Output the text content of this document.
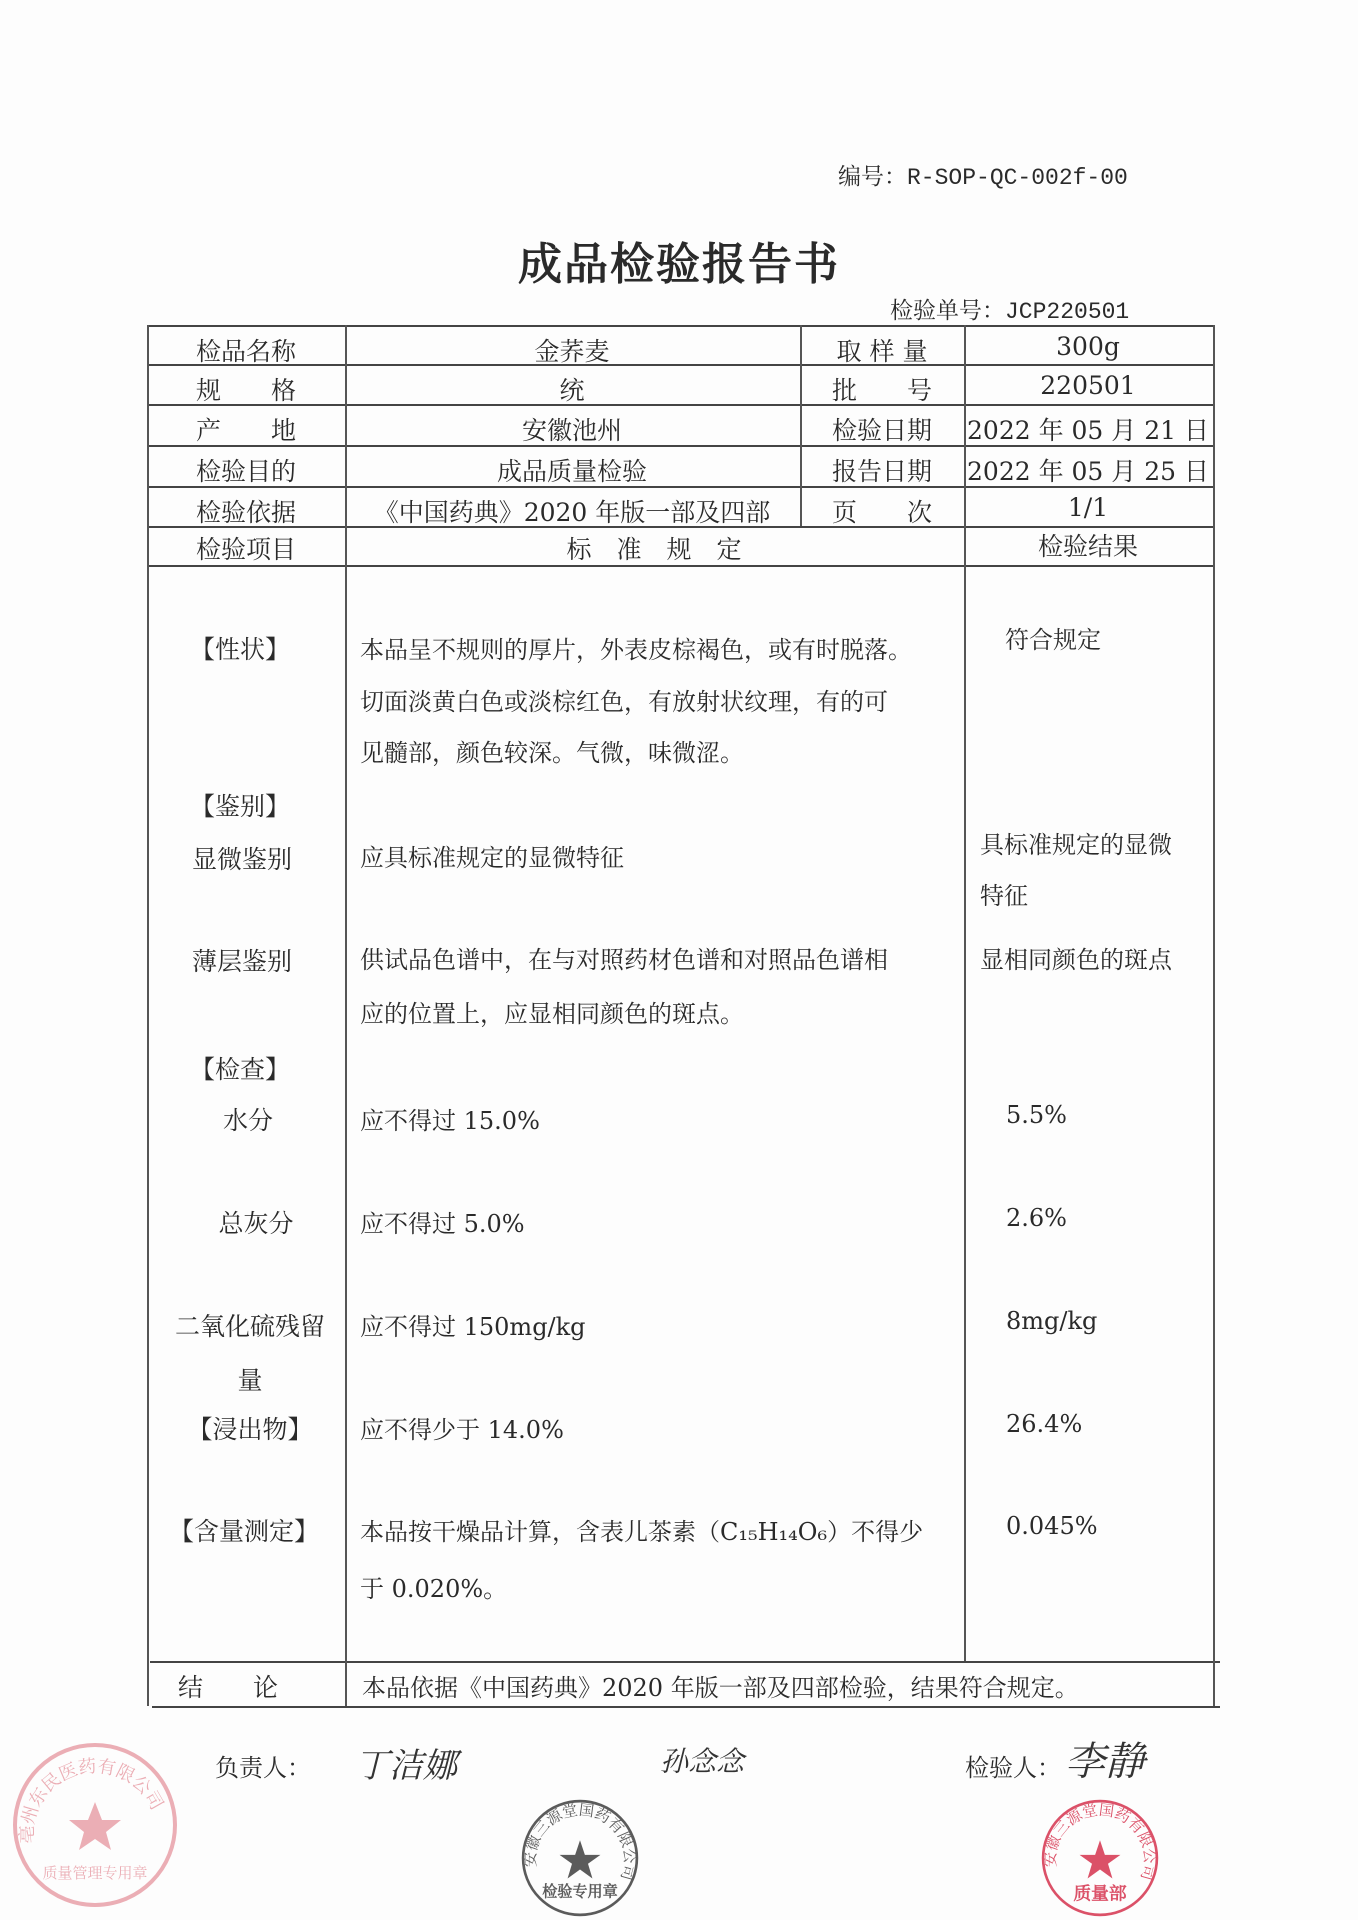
编号：R-SOP-QC-002f-00
成品检验报告书
检验单号：JCP220501
检品名称	金荞麦	取 样 量	300g
规　　格	统	批　　号	220501
产　　地	安徽池州	检验日期 2022 年 05 月 21 日
检验目的	成品质量检验	报告日期 2022 年 05 月 25 日
检验依据	《中国药典》2020 年版一部及四部 页　　次	1/1
检验项目	标　准　规　定	检验结果
【性状】	本品呈不规则的厚片，外表皮棕褐色，或有时脱落。
切面淡黄白色或淡棕红色，有放射状纹理，有的可
见髓部，颜色较深。气微，味微涩。
符合规定
【鉴别】
显微鉴别	应具标准规定的显微特征	具标准规定的显微
特征
薄层鉴别	供试品色谱中，在与对照药材色谱和对照品色谱相
应的位置上，应显相同颜色的斑点。
显相同颜色的斑点
【检查】
水分	应不得过 15.0%	5.5%
总灰分	应不得过 5.0%	2.6%
二氧化硫残留
量
应不得过 150mg/kg	8mg/kg
【浸出物】 应不得少于 14.0%	26.4%
【含量测定】 本品按干燥品计算，含表儿茶素（C₁₅H₁₄O₆）不得少
于 0.020%。
0.045%
结　　论	本品依据《中国药典》2020 年版一部及四部检验，结果符合规定。
负责人： 丁洁娜	孙念念	检验人： 李静
安徽三源堂国药有限公司
质量部
安徽三源堂国药有限公司
检验专用章
亳州东民医药有限公司
质量管理专用章
